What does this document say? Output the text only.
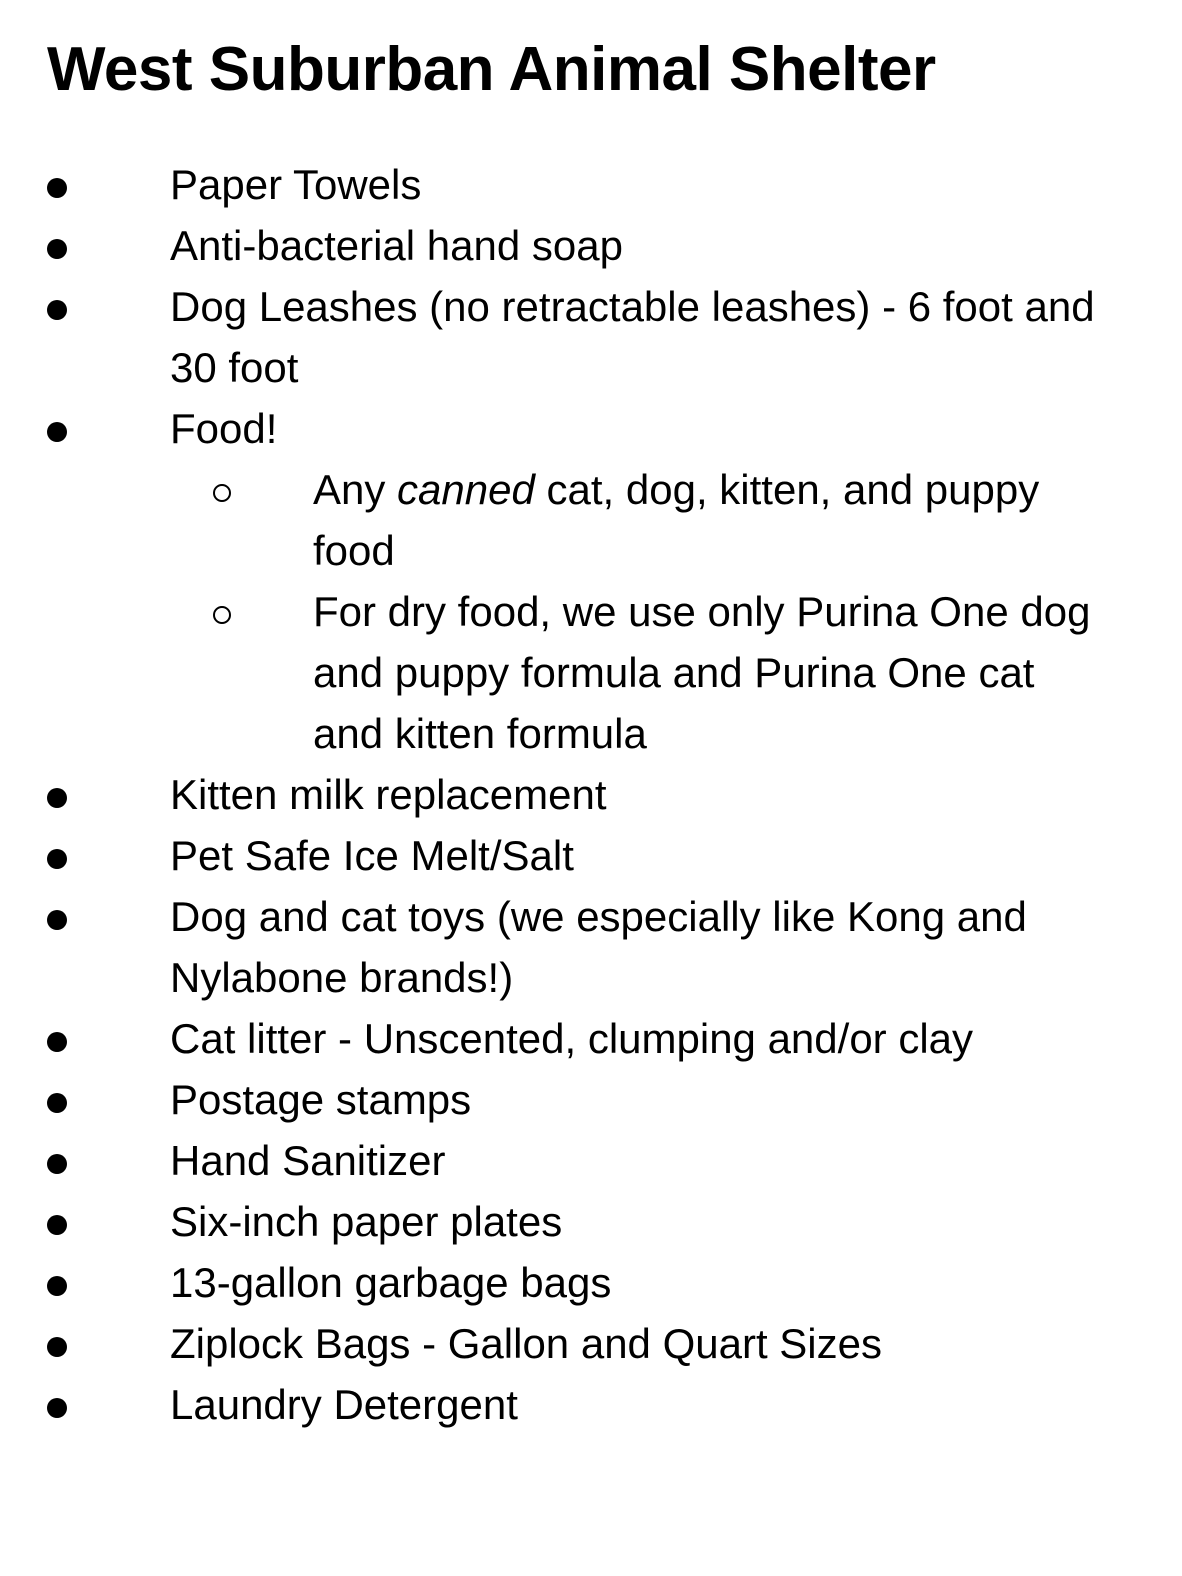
West Suburban Animal Shelter
Paper Towels
Anti-bacterial hand soap
Dog Leashes (no retractable leashes) - 6 foot and 30 foot
Food!
Any canned cat, dog, kitten, and puppy food
For dry food, we use only Purina One dog and puppy formula and Purina One cat and kitten formula
Kitten milk replacement
Pet Safe Ice Melt/Salt
Dog and cat toys (we especially like Kong and Nylabone brands!)
Cat litter - Unscented, clumping and/or clay
Postage stamps
Hand Sanitizer
Six-inch paper plates
13-gallon garbage bags
Ziplock Bags - Gallon and Quart Sizes
Laundry Detergent
